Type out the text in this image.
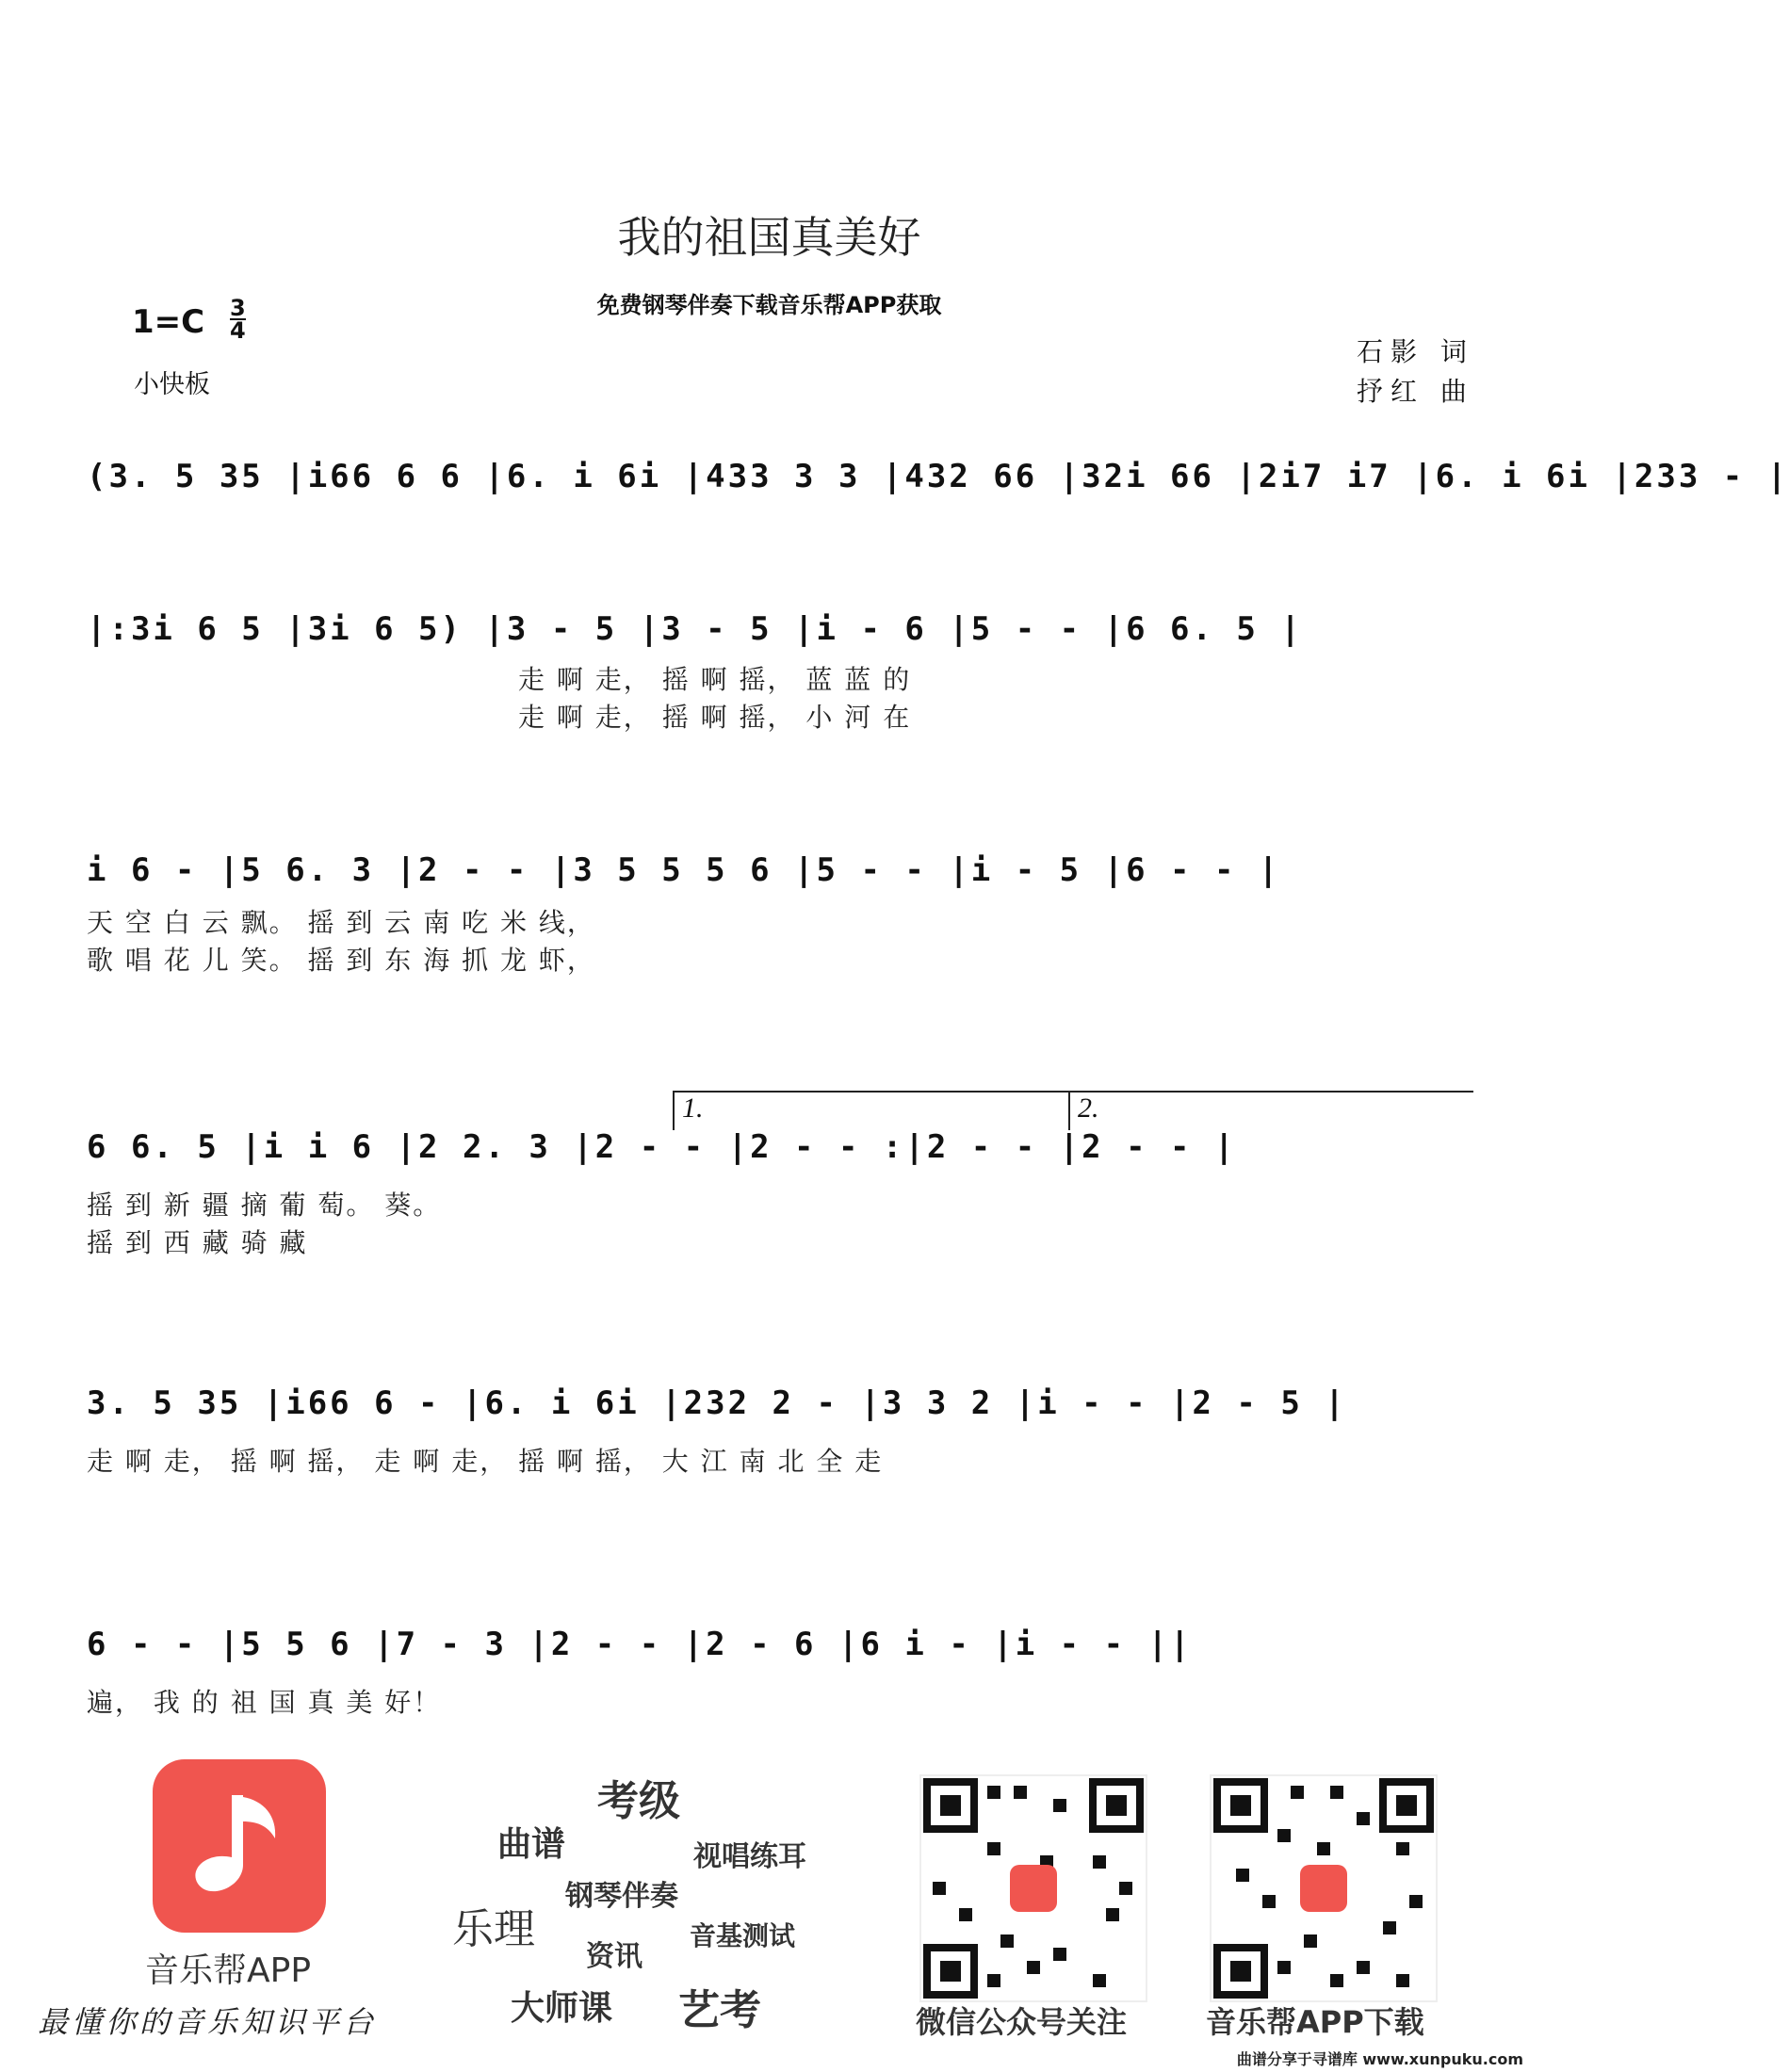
我的祖国真美好
免费钢琴伴奏下载音乐帮APP获取
1=C 3
4
小快板
石影 词
抒红 曲
(3. 5 35 |i66 6 6 |6. i 6i |433 3 3 |432 66 |32i 66 |2i7 i7 |6. i 6i |233 - |
|:3i 6 5 |3i 6 5) |3 - 5 |3 - 5 |i - 6 |5 - - |6 6. 5 |
走 啊 走， 摇 啊 摇， 蓝 蓝 的
走 啊 走， 摇 啊 摇， 小 河 在
i 6 - |5 6. 3 |2 - - |3 5 5 5 6 |5 - - |i - 5 |6 - - |
天 空 白 云 飘。 摇 到 云 南 吃 米 线，
歌 唱 花 儿 笑。 摇 到 东 海 抓 龙 虾，
1.	2.
6 6. 5 |i i 6 |2 2. 3 |2 - - |2 - - :|2 - - |2 - - |
摇 到 新 疆 摘 葡 萄。 葵。
摇 到 西 藏 骑 藏
3. 5 35 |i66 6 - |6. i 6i |232 2 - |3 3 2 |i - - |2 - 5 |
走 啊 走， 摇 啊 摇， 走 啊 走， 摇 啊 摇， 大 江 南 北 全 走
6 - - |5 5 6 |7 - 3 |2 - - |2 - 6 |6 i - |i - - ||
遍， 我 的 祖 国 真 美 好！
音乐帮APP
最懂你的音乐知识平台
考级
曲谱	视唱练耳
钢琴伴奏
乐理	音基测试
资讯
大师课 艺考	微信公众号关注	音乐帮APP下载
曲谱分享于寻谱库 www.xunpuku.com
